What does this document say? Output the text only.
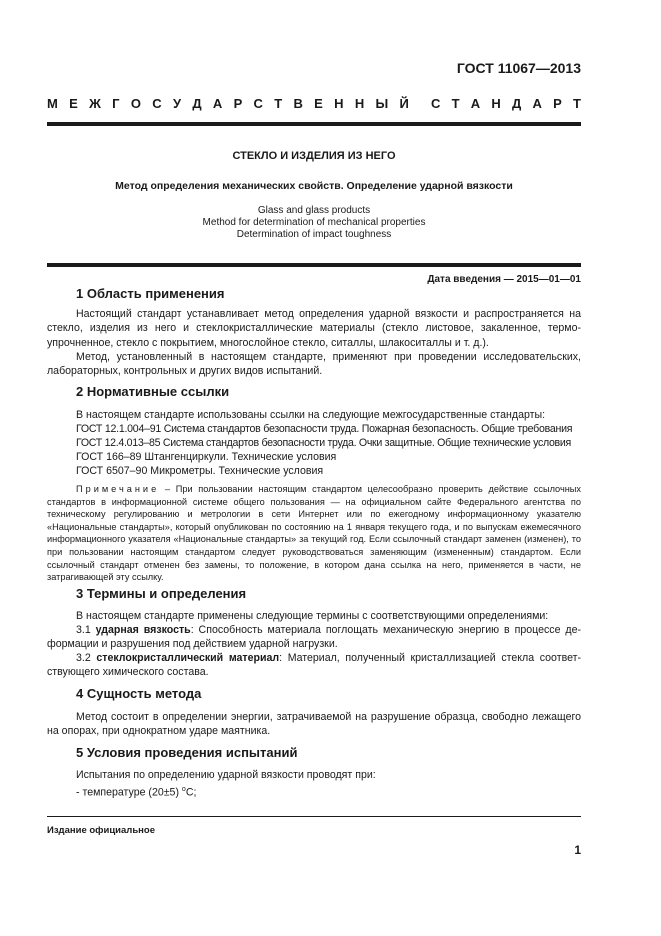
ГОСТ 11067—2013
М Е Ж Г О С У Д А Р С Т В Е Н Н Ы Й С Т А Н Д А Р Т
СТЕКЛО И ИЗДЕЛИЯ ИЗ НЕГО
Метод определения механических свойств. Определение ударной вязкости
Glass and glass products
Method for determination of mechanical properties
Determination of impact toughness
Дата введения — 2015—01—01
1 Область применения
Настоящий стандарт устанавливает метод определения ударной вязкости и распространяется на стекло, изделия из него и стеклокристаллические материалы (стекло листовое, закаленное, термоупрочненное, стекло с покрытием, многослойное стекло, ситаллы, шлакоситаллы и т. д.).
Метод, установленный в настоящем стандарте, применяют при проведении исследовательских, лабораторных, контрольных и других видов испытаний.
2 Нормативные ссылки
В настоящем стандарте использованы ссылки на следующие межгосударственные стандарты:
ГОСТ 12.1.004–91 Система стандартов безопасности труда. Пожарная безопасность. Общие требования
ГОСТ 12.4.013–85 Система стандартов безопасности труда. Очки защитные. Общие технические условия
ГОСТ 166–89 Штангенциркули. Технические условия
ГОСТ 6507–90 Микрометры. Технические условия
Примечание – При пользовании настоящим стандартом целесообразно проверить действие ссылочных стандартов в информационной системе общего пользования — на официальном сайте Федерального агентства по техническому регулированию и метрологии в сети Интернет или по ежегодному информационному указателю «Национальные стандарты», который опубликован по состоянию на 1 января текущего года, и по выпускам ежемесячного информационного указателя «Национальные стандарты» за текущий год. Если ссылочный стандарт заменен (изменен), то при пользовании настоящим стандартом следует руководствоваться заменяющим (измененным) стандартом. Если ссылочный стандарт отменен без замены, то положение, в котором дана ссылка на него, применяется в части, не затрагивающей эту ссылку.
3 Термины и определения
В настоящем стандарте применены следующие термины с соответствующими определениями:
3.1 ударная вязкость: Способность материала поглощать механическую энергию в процессе деформации и разрушения под действием ударной нагрузки.
3.2 стеклокристаллический материал: Материал, полученный кристаллизацией стекла соответствующего химического состава.
4 Сущность метода
Метод состоит в определении энергии, затрачиваемой на разрушение образца, свободно лежащего на опорах, при однократном ударе маятника.
5 Условия проведения испытаний
Испытания по определению ударной вязкости проводят при:
- температуре (20±5) $^o$C;
Издание официальное
1
